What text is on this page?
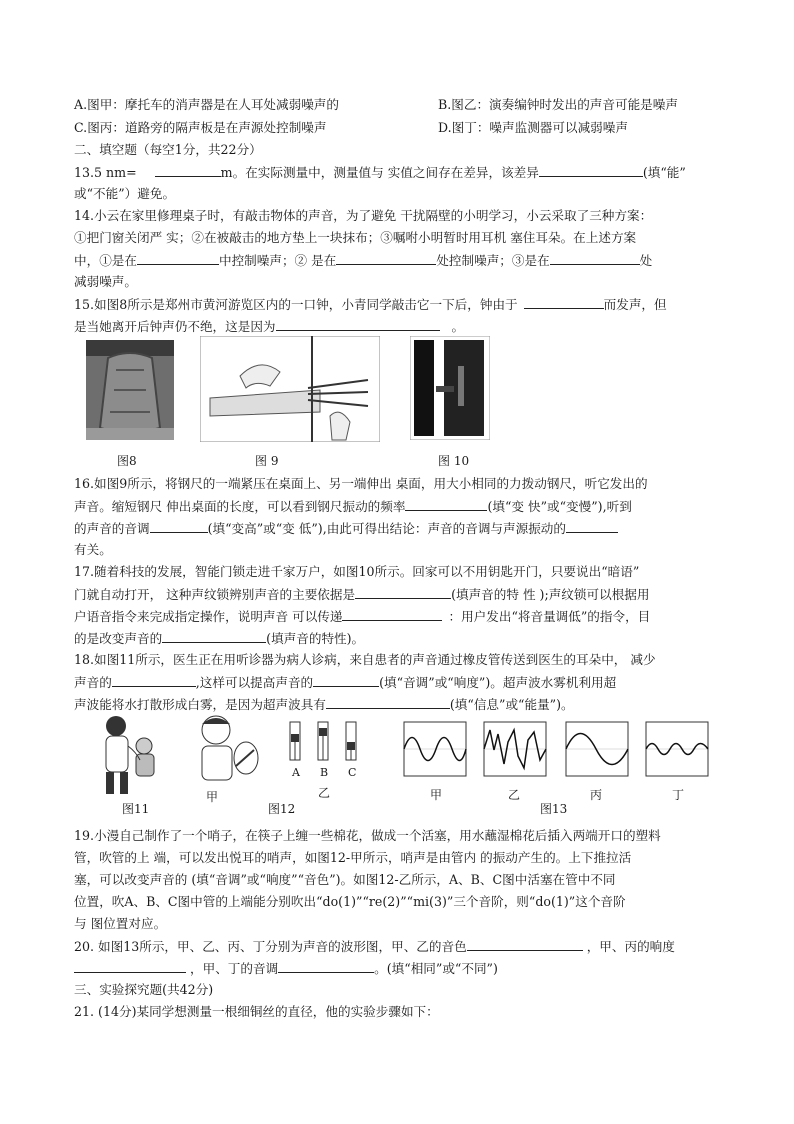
A.图甲：摩托车的消声器是在人耳处减弱噪声的	B.图乙：演奏编钟时发出的声音可能是噪声
C.图丙：道路旁的隔声板是在声源处控制噪声	D.图丁：噪声监测器可以减弱噪声
二、填空题（每空1分，共22分）
13.5 nm=	m。在实际测量中，测量值与 实值之间存在差异，该差异	(填“能”
或“不能”）避免。
14.小云在家里修理桌子时，有敲击物体的声音，为了避免 干扰隔壁的小明学习，小云采取了三种方案：
①把门窗关闭严 实；②在被敲击的地方垫上一块抹布；③嘱咐小明暂时用耳机 塞住耳朵。在上述方案
中，①是在	中控制噪声；② 是在	处控制噪声；③是在	处
减弱噪声。
15.如图8所示是郑州市黄河游览区内的一口钟，小青同学敲击它一下后，钟由于	而发声，但
是当她离开后钟声仍不绝，这是因为	。
图8	图 9	图 10
16.如图9所示，将钢尺的一端紧压在桌面上、另一端伸出 桌面，用大小相同的力拨动钢尺，听它发出的
声音。缩短钢尺 伸出桌面的长度，可以看到钢尺振动的频率	(填“变 快”或“变慢”),听到
的声音的音调	(填“变高”或“变 低”),由此可得出结论：声音的音调与声源振动的
有关。
17.随着科技的发展，智能门锁走进千家万户，如图10所示。回家可以不用钥匙开门，只要说出“暗语”
门就自动打开， 这种声纹锁辨别声音的主要依据是	(填声音的特 性 );声纹锁可以根据用
户语音指令来完成指定操作，说明声音 可以传递	：用户发出“将音量调低”的指令，目
的是改变声音的	(填声音的特性)。
18.如图11所示，医生正在用听诊器为病人诊病，来自患者的声音通过橡皮管传送到医生的耳朵中， 减少
声音的	,这样可以提高声音的	(填“音调”或“响度”)。超声波水雾机利用超
声波能将水打散形成白雾，是因为超声波具有	(填“信息”或“能量”)。
图11
甲
A B C
乙
图12
甲	乙	丙	丁
图13
19.小漫自己制作了一个哨子，在筷子上缠一些棉花，做成一个活塞，用水蘸湿棉花后插入两端开口的塑料
管，吹管的上 端，可以发出悦耳的哨声，如图12-甲所示，哨声是由管内 的振动产生的。上下推拉活
塞，可以改变声音的 (填“音调”或“响度”“音色”)。如图12-乙所示，A、B、C图中活塞在管中不同
位置，吹A、B、C图中管的上端能分别吹出“do(1)”“re(2)”“mi(3)”三个音阶，则“do(1)”这个音阶
与 图位置对应。
20. 如图13所示，甲、乙、丙、丁分别为声音的波形图，甲、乙的音色	，甲、丙的响度
，甲、丁的音调	。(填“相同”或“不同”)
三、实验探究题(共42分)
21. (14分)某同学想测量一根细铜丝的直径，他的实验步骤如下：
